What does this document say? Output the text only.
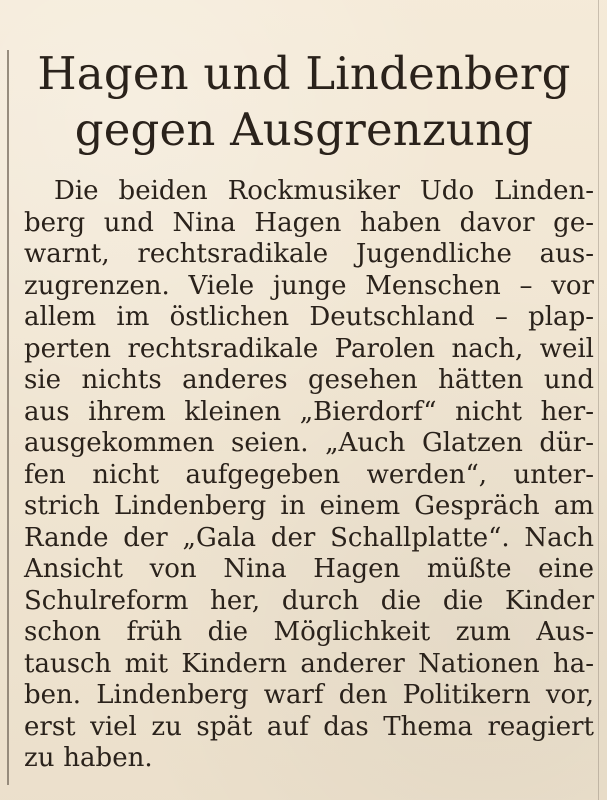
Hagen und Lindenberg
gegen Ausgrenzung
Die beiden Rockmusiker Udo Linden-
berg und Nina Hagen haben davor ge-
warnt, rechtsradikale Jugendliche aus-
zugrenzen. Viele junge Menschen – vor
allem im östlichen Deutschland – plap-
perten rechtsradikale Parolen nach, weil
sie nichts anderes gesehen hätten und
aus ihrem kleinen „Bierdorf“ nicht her-
ausgekommen seien. „Auch Glatzen dür-
fen nicht aufgegeben werden“, unter-
strich Lindenberg in einem Gespräch am
Rande der „Gala der Schallplatte“. Nach
Ansicht von Nina Hagen müßte eine
Schulreform her, durch die die Kinder
schon früh die Möglichkeit zum Aus-
tausch mit Kindern anderer Nationen ha-
ben. Lindenberg warf den Politikern vor,
erst viel zu spät auf das Thema reagiert
zu haben.
